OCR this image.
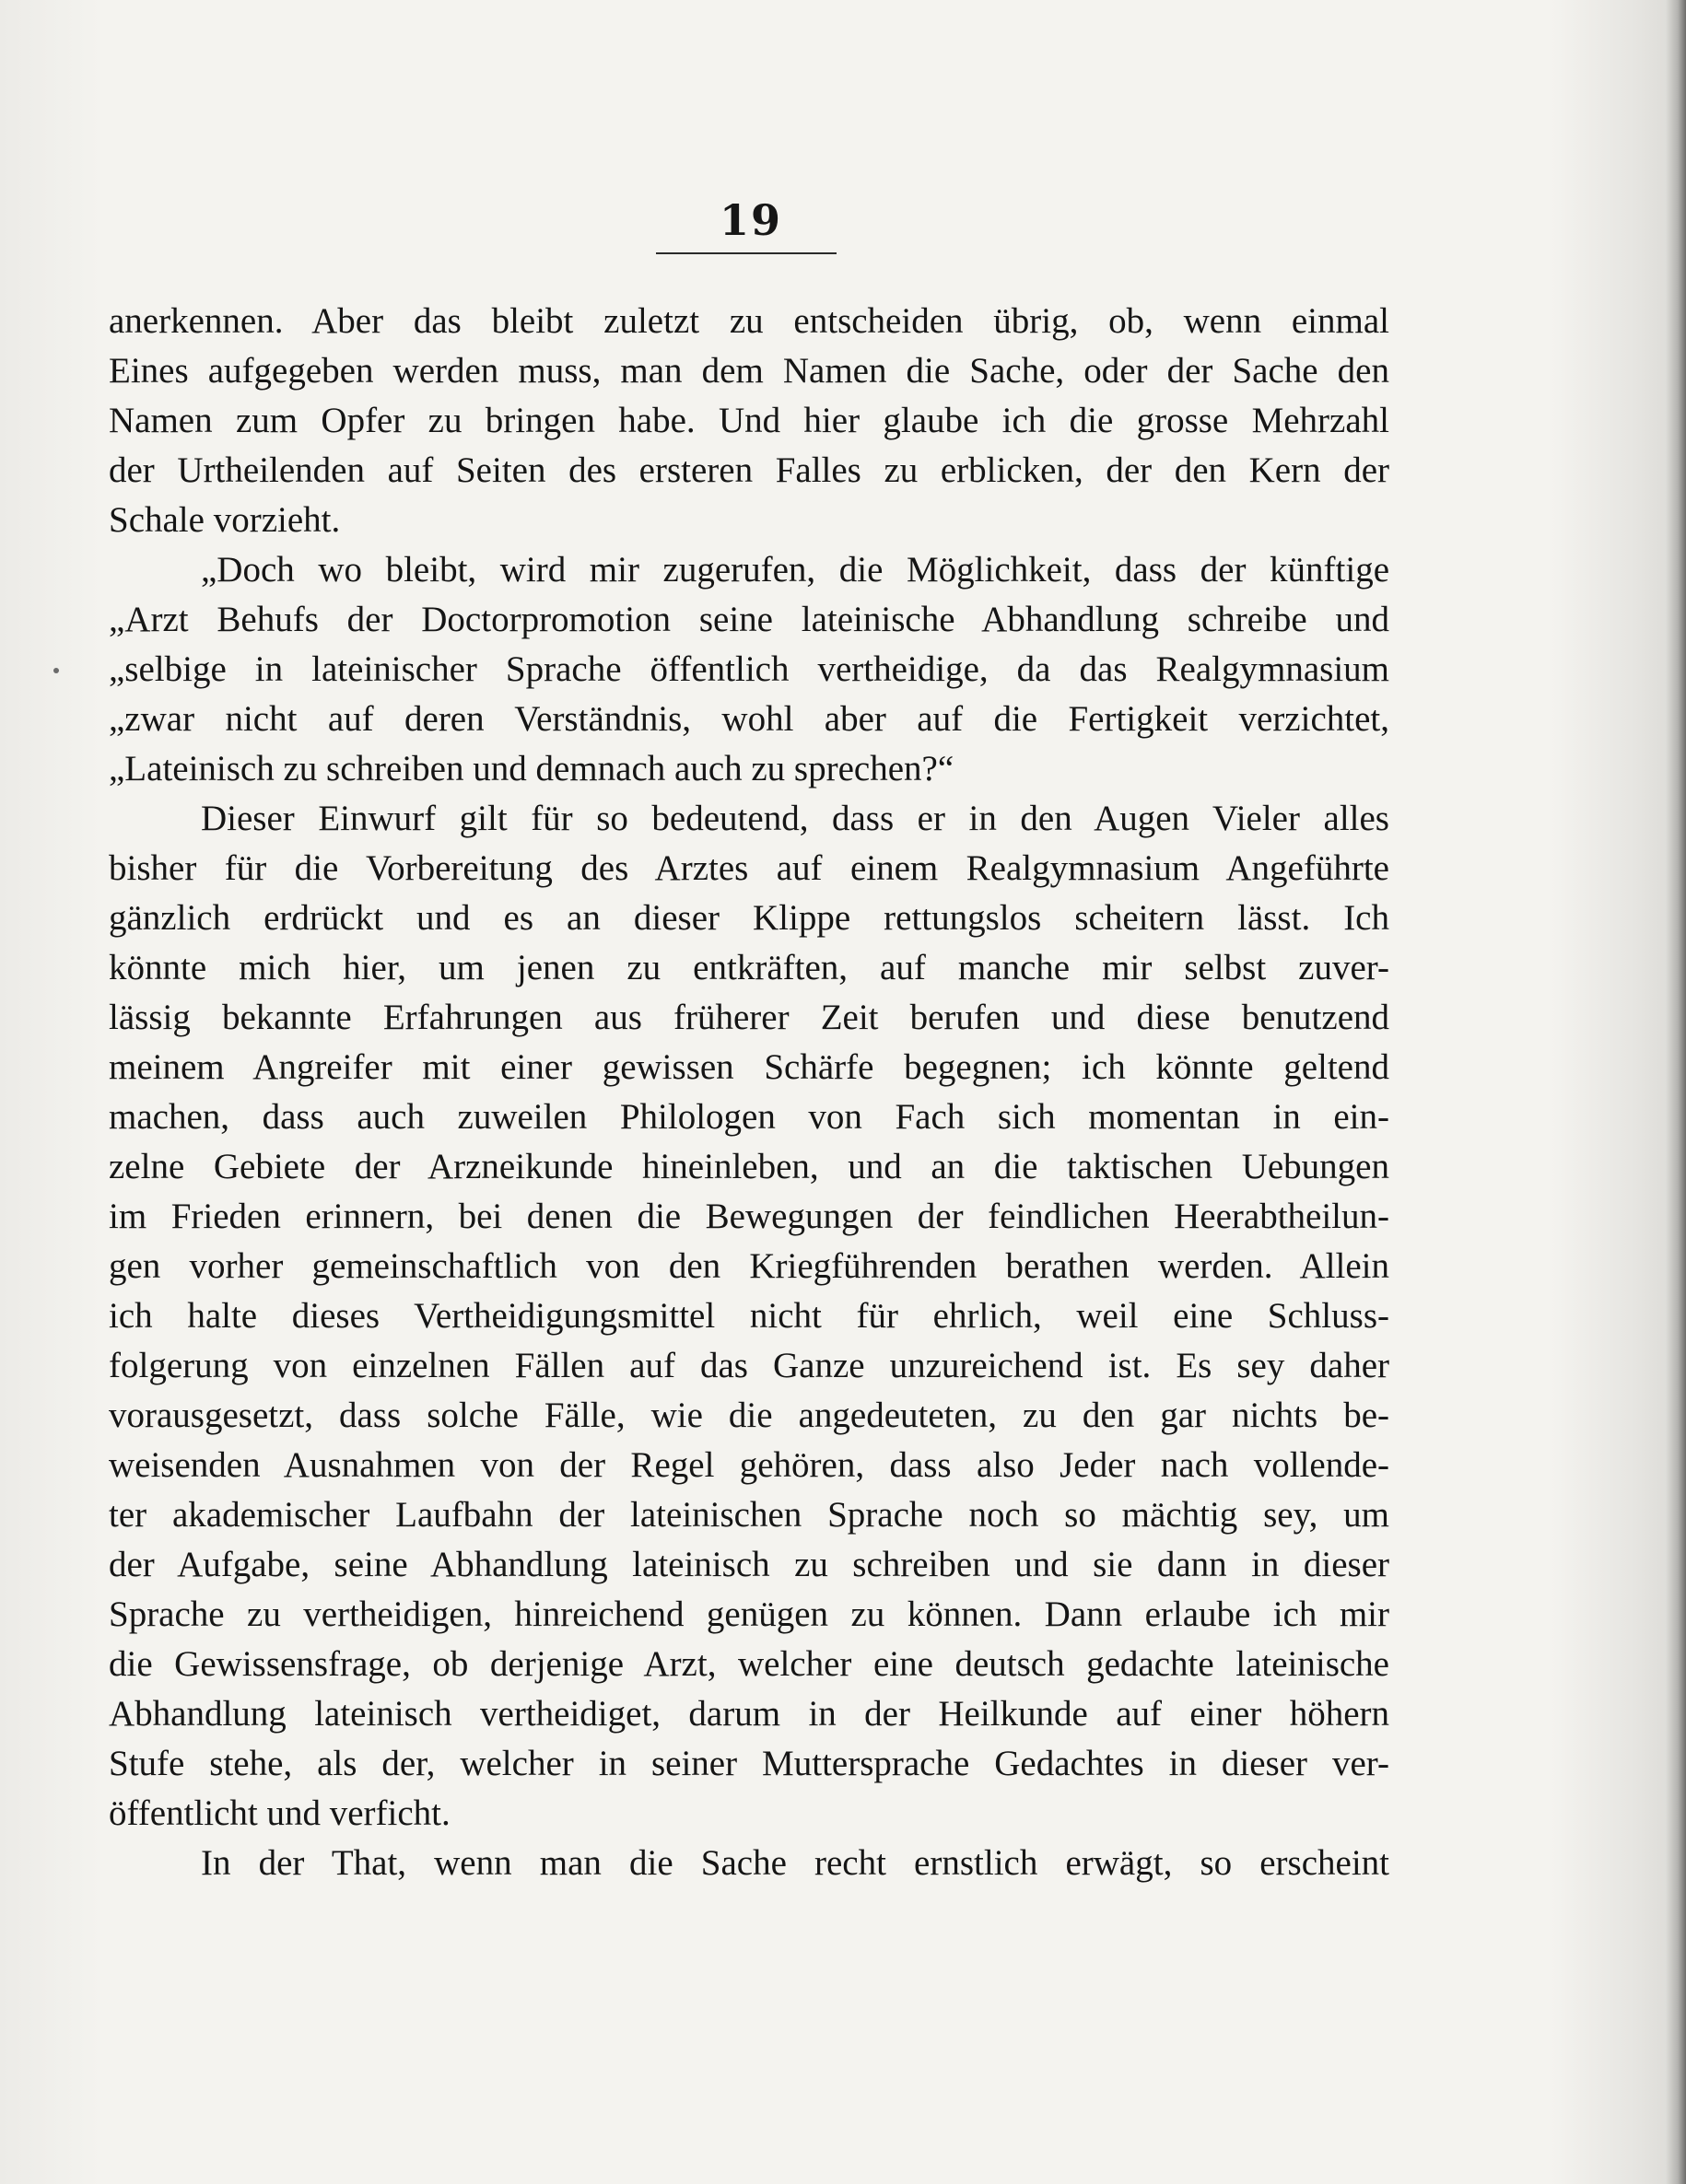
19
anerkennen. Aber das bleibt zuletzt zu entscheiden übrig, ob, wenn einmal
Eines aufgegeben werden muss, man dem Namen die Sache, oder der Sache den
Namen zum Opfer zu bringen habe. Und hier glaube ich die grosse Mehrzahl
der Urtheilenden auf Seiten des ersteren Falles zu erblicken, der den Kern der
Schale vorzieht.
„Doch wo bleibt, wird mir zugerufen, die Möglichkeit, dass der künftige
„Arzt Behufs der Doctorpromotion seine lateinische Abhandlung schreibe und
„selbige in lateinischer Sprache öffentlich vertheidige, da das Realgymnasium
„zwar nicht auf deren Verständnis, wohl aber auf die Fertigkeit verzichtet,
„Lateinisch zu schreiben und demnach auch zu sprechen?“
Dieser Einwurf gilt für so bedeutend, dass er in den Augen Vieler alles
bisher für die Vorbereitung des Arztes auf einem Realgymnasium Angeführte
gänzlich erdrückt und es an dieser Klippe rettungslos scheitern lässt. Ich
könnte mich hier, um jenen zu entkräften, auf manche mir selbst zuver-
lässig bekannte Erfahrungen aus früherer Zeit berufen und diese benutzend
meinem Angreifer mit einer gewissen Schärfe begegnen; ich könnte geltend
machen, dass auch zuweilen Philologen von Fach sich momentan in ein-
zelne Gebiete der Arzneikunde hineinleben, und an die taktischen Uebungen
im Frieden erinnern, bei denen die Bewegungen der feindlichen Heerabtheilun-
gen vorher gemeinschaftlich von den Kriegführenden berathen werden. Allein
ich halte dieses Vertheidigungsmittel nicht für ehrlich, weil eine Schluss-
folgerung von einzelnen Fällen auf das Ganze unzureichend ist. Es sey daher
vorausgesetzt, dass solche Fälle, wie die angedeuteten, zu den gar nichts be-
weisenden Ausnahmen von der Regel gehören, dass also Jeder nach vollende-
ter akademischer Laufbahn der lateinischen Sprache noch so mächtig sey, um
der Aufgabe, seine Abhandlung lateinisch zu schreiben und sie dann in dieser
Sprache zu vertheidigen, hinreichend genügen zu können. Dann erlaube ich mir
die Gewissensfrage, ob derjenige Arzt, welcher eine deutsch gedachte lateinische
Abhandlung lateinisch vertheidiget, darum in der Heilkunde auf einer höhern
Stufe stehe, als der, welcher in seiner Muttersprache Gedachtes in dieser ver-
öffentlicht und verficht.
In der That, wenn man die Sache recht ernstlich erwägt, so erscheint
